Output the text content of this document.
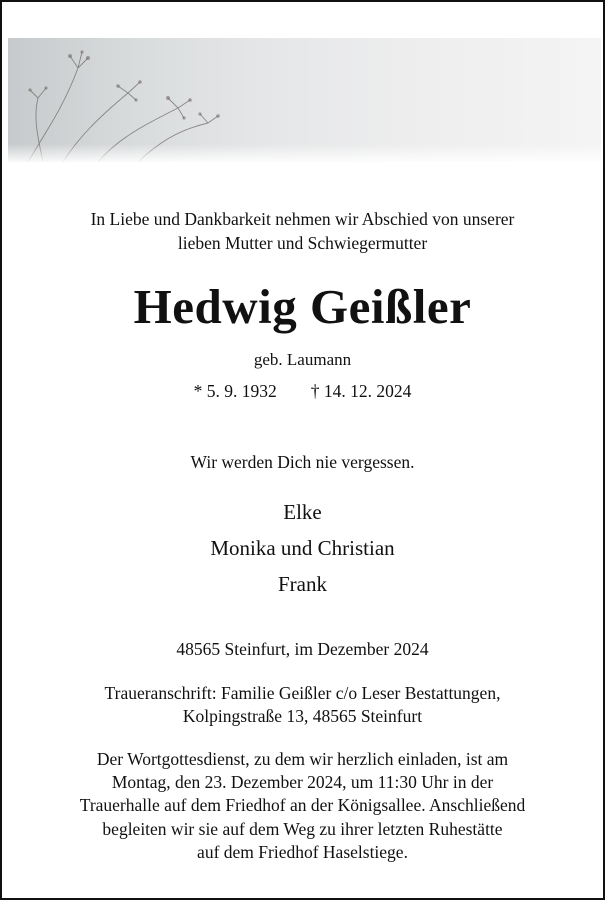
In Liebe und Dankbarkeit nehmen wir Abschied von unserer
lieben Mutter und Schwiegermutter
Hedwig Geißler
geb. Laumann
* 5. 9. 1932 † 14. 12. 2024
Wir werden Dich nie vergessen.
Elke
Monika und Christian
Frank
48565 Steinfurt, im Dezember 2024
Traueranschrift: Familie Geißler c/o Leser Bestattungen,
Kolpingstraße 13, 48565 Steinfurt
Der Wortgottesdienst, zu dem wir herzlich einladen, ist am
Montag, den 23. Dezember 2024, um 11:30 Uhr in der
Trauerhalle auf dem Friedhof an der Königsallee. Anschließend
begleiten wir sie auf dem Weg zu ihrer letzten Ruhestätte
auf dem Friedhof Haselstiege.
